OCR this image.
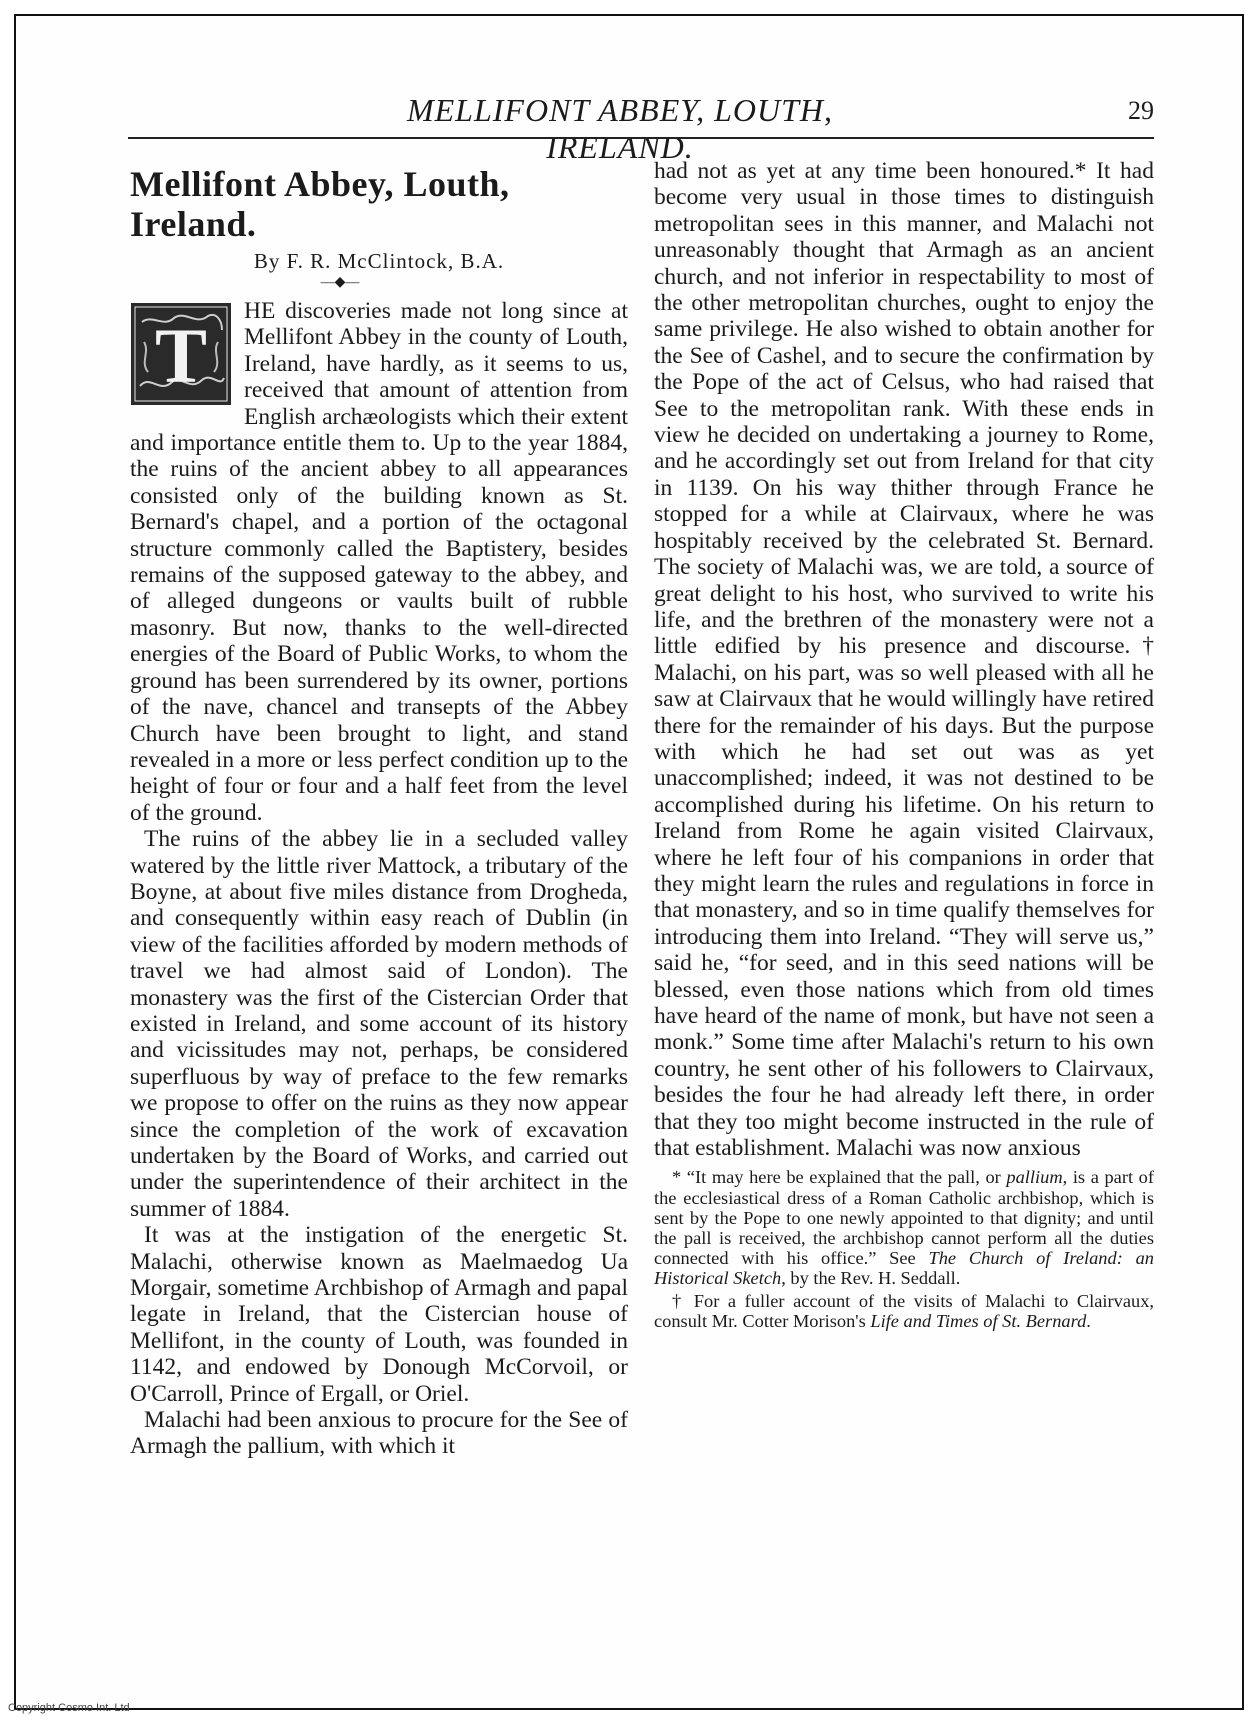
MELLIFONT ABBEY, LOUTH, IRELAND.
29
Mellifont Abbey, Louth, Ireland.
By F. R. McClintock, B.A.
—◆—

T
HE discoveries made not long since at Mellifont Abbey in the county of Louth, Ireland, have hardly, as it seems to us, received that amount of attention from English archæologists which their extent and importance entitle them to. Up to the year 1884, the ruins of the ancient abbey to all appearances consisted only of the building known as St. Bernard's chapel, and a portion of the octagonal structure commonly called the Baptistery, besides remains of the supposed gateway to the abbey, and of alleged dungeons or vaults built of rubble masonry. But now, thanks to the well-directed energies of the Board of Public Works, to whom the ground has been surrendered by its owner, portions of the nave, chancel and transepts of the Abbey Church have been brought to light, and stand revealed in a more or less perfect condition up to the height of four or four and a half feet from the level of the ground.

The ruins of the abbey lie in a secluded valley watered by the little river Mattock, a tributary of the Boyne, at about five miles distance from Drogheda, and consequently within easy reach of Dublin (in view of the facilities afforded by modern methods of travel we had almost said of London). The monastery was the first of the Cistercian Order that existed in Ireland, and some account of its history and vicissitudes may not, perhaps, be considered superfluous by way of preface to the few remarks we propose to offer on the ruins as they now appear since the completion of the work of excavation undertaken by the Board of Works, and carried out under the superintendence of their architect in the summer of 1884.

It was at the instigation of the energetic St. Malachi, otherwise known as Maelmaedog Ua Morgair, sometime Archbishop of Armagh and papal legate in Ireland, that the Cistercian house of Mellifont, in the county of Louth, was founded in 1142, and endowed by Donough McCorvoil, or O'Carroll, Prince of Ergall, or Oriel.

Malachi had been anxious to procure for the See of Armagh the pallium, with which it

had not as yet at any time been honoured.* It had become very usual in those times to distinguish metropolitan sees in this manner, and Malachi not unreasonably thought that Armagh as an ancient church, and not inferior in respectability to most of the other metropolitan churches, ought to enjoy the same privilege. He also wished to obtain another for the See of Cashel, and to secure the confirmation by the Pope of the act of Celsus, who had raised that See to the metropolitan rank. With these ends in view he decided on undertaking a journey to Rome, and he accordingly set out from Ireland for that city in 1139. On his way thither through France he stopped for a while at Clairvaux, where he was hospitably received by the celebrated St. Bernard. The society of Malachi was, we are told, a source of great delight to his host, who survived to write his life, and the brethren of the monastery were not a little edified by his presence and discourse.† Malachi, on his part, was so well pleased with all he saw at Clairvaux that he would willingly have retired there for the remainder of his days. But the purpose with which he had set out was as yet unaccomplished; indeed, it was not destined to be accomplished during his lifetime. On his return to Ireland from Rome he again visited Clairvaux, where he left four of his companions in order that they might learn the rules and regulations in force in that monastery, and so in time qualify themselves for introducing them into Ireland. “They will serve us,” said he, “for seed, and in this seed nations will be blessed, even those nations which from old times have heard of the name of monk, but have not seen a monk.” Some time after Malachi's return to his own country, he sent other of his followers to Clairvaux, besides the four he had already left there, in order that they too might become instructed in the rule of that establishment. Malachi was now anxious

* “It may here be explained that the pall, or pallium, is a part of the ecclesiastical dress of a Roman Catholic archbishop, which is sent by the Pope to one newly appointed to that dignity; and until the pall is received, the archbishop cannot perform all the duties connected with his office.” See The Church of Ireland: an Historical Sketch, by the Rev. H. Seddall.

† For a fuller account of the visits of Malachi to Clairvaux, consult Mr. Cotter Morison's Life and Times of St. Bernard.

Copyright Cosmo Int. Ltd
